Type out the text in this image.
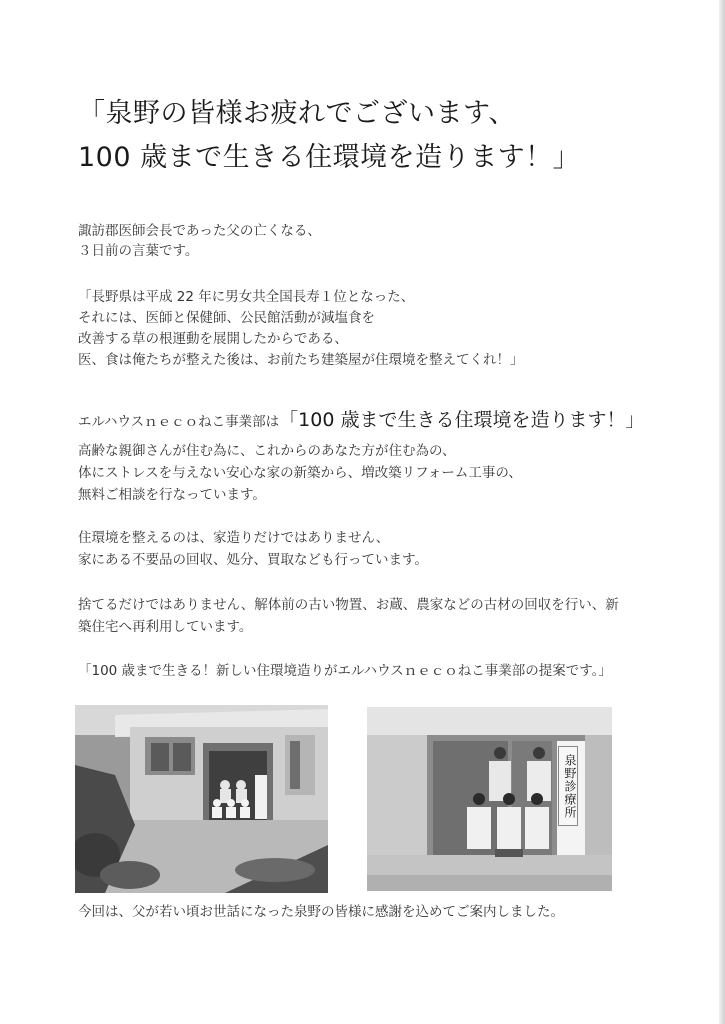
「泉野の皆様お疲れでございます、
100 歳まで生きる住環境を造ります！」
諏訪郡医師会長であった父の亡くなる、
３日前の言葉です。
「長野県は平成 22 年に男女共全国長寿１位となった、
それには、医師と保健師、公民館活動が減塩食を
改善する草の根運動を展開したからである、
医、食は俺たちが整えた後は、お前たち建築屋が住環境を整えてくれ！」
エルハウスｎｅｃｏねこ事業部は「100 歳まで生きる住環境を造ります！」
高齢な親御さんが住む為に、これからのあなた方が住む為の、
体にストレスを与えない安心な家の新築から、増改築リフォーム工事の、
無料ご相談を行なっています。
住環境を整えるのは、家造りだけではありません、
家にある不要品の回収、処分、買取なども行っています。
捨てるだけではありません、解体前の古い物置、お蔵、農家などの古材の回収を行い、新
築住宅へ再利用しています。
「100 歳まで生きる！新しい住環境造りがエルハウスｎｅｃｏねこ事業部の提案です。」
泉野診療所
今回は、父が若い頃お世話になった泉野の皆様に感謝を込めてご案内しました。
